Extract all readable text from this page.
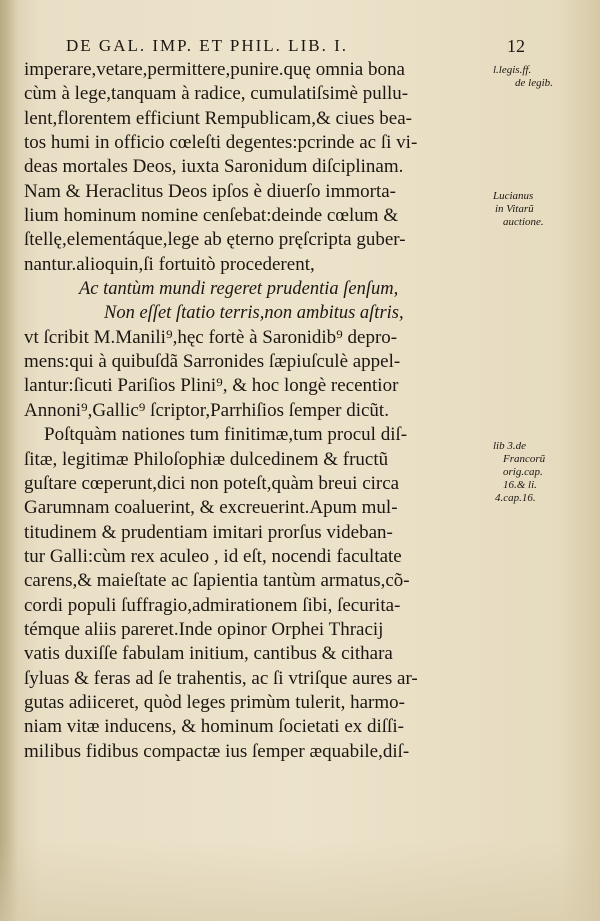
DE GAL. IMP. ET PHIL. LIB. I.	12
imperare,vetare,permittere,punire.quę omnia bona
cùm à lege,tanquam à radice, cumulatiſsimè pullu-
lent,florentem efficiunt Rempublicam,& ciues bea-
tos humi in officio cœleſti degentes:pcrinde ac ſi vi-
deas mortales Deos, iuxta Saronidum diſciplinam.
Nam & Heraclitus Deos ipſos è diuerſo immorta-
lium hominum nomine cenſebat:deinde cœlum &
ſtellę,elementáque,lege ab ęterno pręſcripta guber-
nantur.alioquin,ſi fortuitò procederent,
Ac tantùm mundi regeret prudentia ſenſum,
Non eſſet ſtatio terris,non ambitus aſtris,
vt ſcribit M.Manili⁹,hęc fortè à Saronidib⁹ depro-
mens:qui à quibuſdã Sarronides ſæpiuſculè appel-
lantur:ſicuti Pariſios Plini⁹, & hoc longè recentior
Annoni⁹,Gallic⁹ ſcriptor,Parrhiſios ſemper dicũt.
Poſtquàm nationes tum finitimæ,tum procul diſ-
ſitæ, legitimæ Philoſophiæ dulcedinem & fructũ
guſtare cœperunt,dici non poteſt,quàm breui circa
Garumnam coaluerint, & excreuerint.Apum mul-
titudinem & prudentiam imitari prorſus videban-
tur Galli:cùm rex aculeo , id eſt, nocendi facultate
carens,& maieſtate ac ſapientia tantùm armatus,cõ-
cordi populi ſuffragio,admirationem ſibi, ſecurita-
témque aliis pareret.Inde opinor Orphei Thracij
vatis duxiſſe fabulam initium, cantibus & cithara
ſyluas & feras ad ſe trahentis, ac ſi vtriſque aures ar-
gutas adiiceret, quòd leges primùm tulerit, harmo-
niam vitæ inducens, & hominum ſocietati ex diſſi-
milibus fidibus compactæ ius ſemper æquabile,diſ-
l.legis.ff.
de legib.
Lucianus
in Vitarũ
auctione.
lib 3.de
Francorũ
orig.cap.
16.& li.
4.cap.16.
